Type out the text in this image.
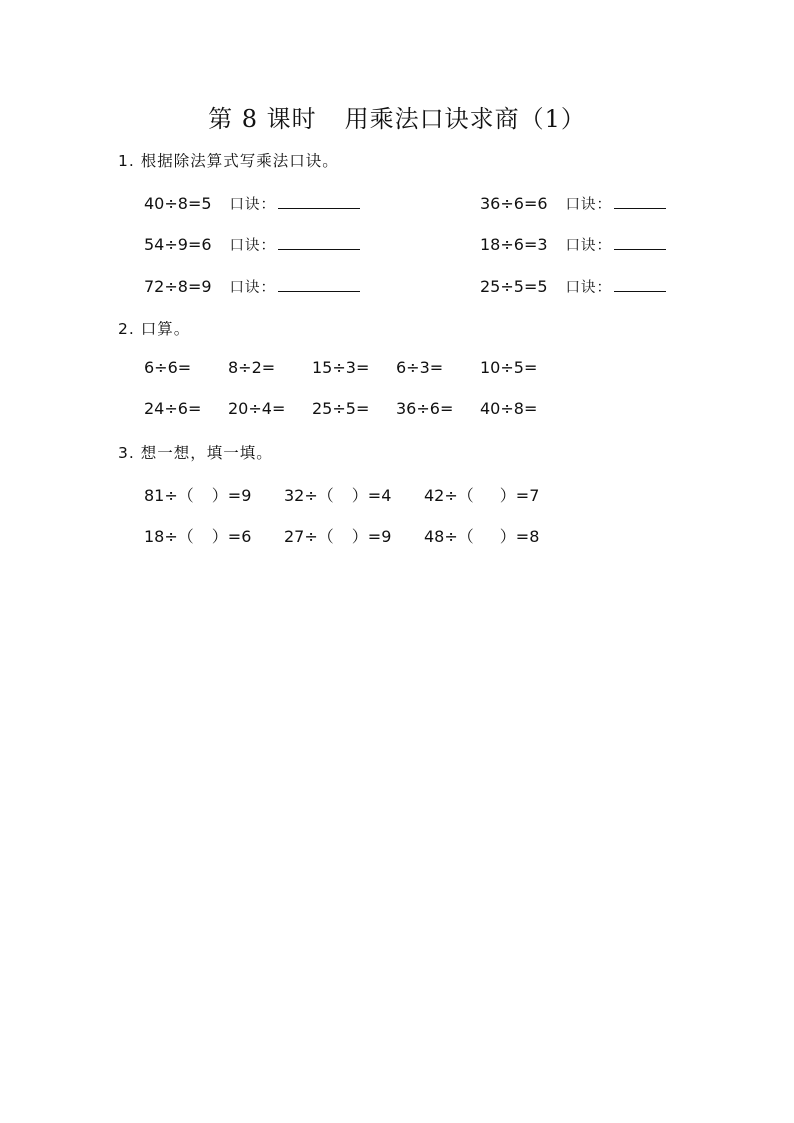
第 8 课时 用乘法口诀求商（1）
1. 根据除法算式写乘法口诀。
40÷8=5 口诀：
54÷9=6 口诀：
72÷8=9 口诀：
36÷6=6 口诀：
18÷6=3 口诀：
25÷5=5 口诀：
2. 口算。
6÷6= 8÷2= 15÷3= 6÷3= 10÷5=
24÷6= 20÷4= 25÷5= 36÷6= 40÷8=
3. 想一想，填一填。
81÷（ ）=9 32÷（ ）=4 42÷（ ）=7
18÷（ ）=6 27÷（ ）=9 48÷（ ）=8
